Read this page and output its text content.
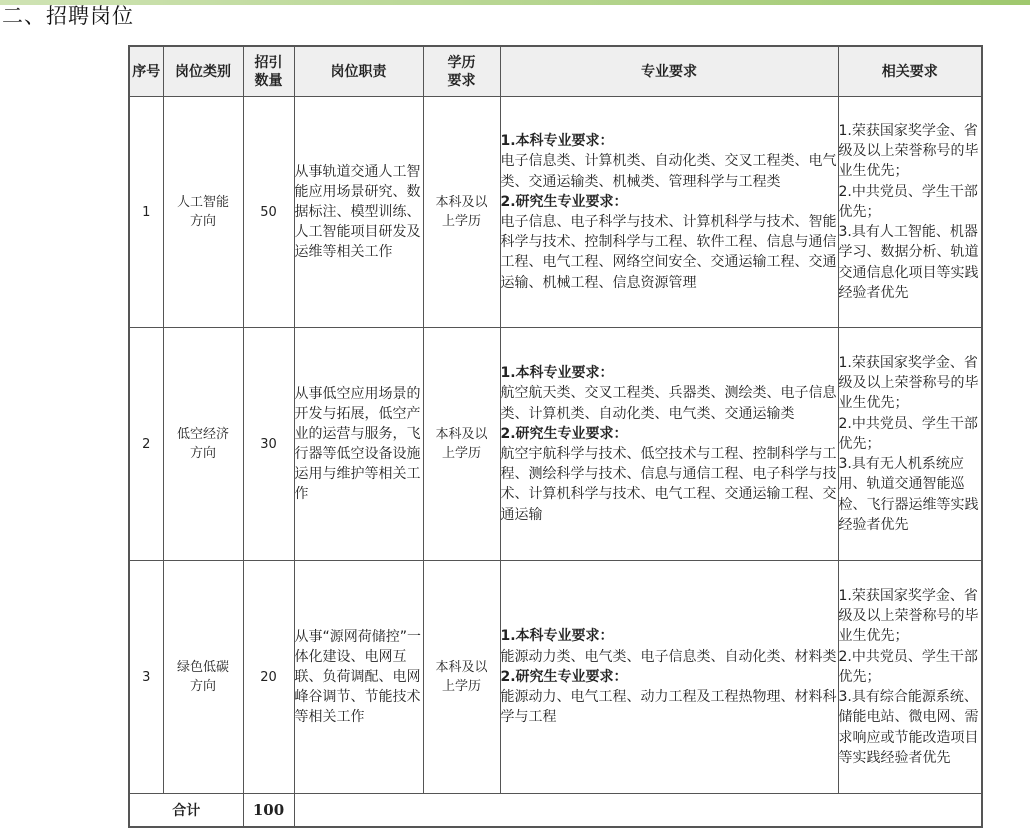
二、招聘岗位
序号	岗位类别	招引数量	岗位职责	学历要求	专业要求	相关要求
1	人工智能方向	50	从事轨道交通人工智能应用场景研究、数据标注、模型训练、人工智能项目研发及运维等相关工作	本科及以上学历	1.本科专业要求：
电子信息类、计算机类、自动化类、交叉工程类、电气类、交通运输类、机械类、管理科学与工程类
2.研究生专业要求：
电子信息、电子科学与技术、计算机科学与技术、智能科学与技术、控制科学与工程、软件工程、信息与通信工程、电气工程、网络空间安全、交通运输工程、交通运输、机械工程、信息资源管理	1.荣获国家奖学金、省级及以上荣誉称号的毕业生优先；
2.中共党员、学生干部优先；
3.具有人工智能、机器学习、数据分析、轨道交通信息化项目等实践经验者优先

2	低空经济方向	30	从事低空应用场景的开发与拓展，低空产业的运营与服务，飞行器等低空设备设施运用与维护等相关工作	本科及以上学历	1.本科专业要求：
航空航天类、交叉工程类、兵器类、测绘类、电子信息类、计算机类、自动化类、电气类、交通运输类
2.研究生专业要求：
航空宇航科学与技术、低空技术与工程、控制科学与工程、测绘科学与技术、信息与通信工程、电子科学与技术、计算机科学与技术、电气工程、交通运输工程、交通运输	1.荣获国家奖学金、省级及以上荣誉称号的毕业生优先；
2.中共党员、学生干部优先；
3.具有无人机系统应用、轨道交通智能巡检、飞行器运维等实践经验者优先

3	绿色低碳方向	20	从事“源网荷储控”一体化建设、电网互联、负荷调配、电网峰谷调节、节能技术等相关工作	本科及以上学历	1.本科专业要求：
能源动力类、电气类、电子信息类、自动化类、材料类
2.研究生专业要求：
能源动力、电气工程、动力工程及工程热物理、材料科学与工程	1.荣获国家奖学金、省级及以上荣誉称号的毕业生优先；
2.中共党员、学生干部优先；
3.具有综合能源系统、储能电站、微电网、需求响应或节能改造项目等实践经验者优先

合计		100				
